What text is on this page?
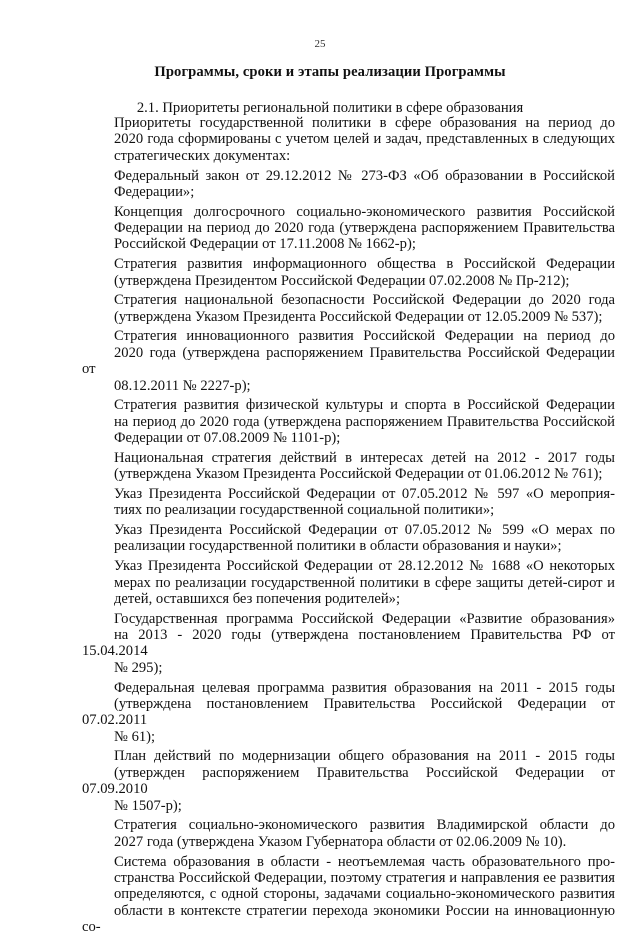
25
Программы, сроки и этапы реализации Программы
2.1. Приоритеты региональной политики в сфере образования

Приоритеты государственной политики в сфере образования на период до
2020 года сформированы с учетом целей и задач, представленных в следующих
стратегических документах:

Федеральный закон от 29.12.2012 № 273-ФЗ «Об образовании в Российской
Федерации»;

Концепция долгосрочного социально-экономического развития Российской
Федерации на период до 2020 года (утверждена распоряжением Правительства
Российской Федерации от 17.11.2008 № 1662-р);

Стратегия развития информационного общества в Российской Федерации
(утверждена Президентом Российской Федерации 07.02.2008 № Пр-212);

Стратегия национальной безопасности Российской Федерации до 2020 года
(утверждена Указом Президента Российской Федерации от 12.05.2009 № 537);

Стратегия инновационного развития Российской Федерации на период до
2020 года (утверждена распоряжением Правительства Российской Федерации от
08.12.2011 № 2227-р);

Стратегия развития физической культуры и спорта в Российской Федерации
на период до 2020 года (утверждена распоряжением Правительства Российской
Федерации от 07.08.2009 № 1101-р);

Национальная стратегия действий в интересах детей на 2012 - 2017 годы
(утверждена Указом Президента Российской Федерации от 01.06.2012 № 761);

Указ Президента Российской Федерации от 07.05.2012 № 597 «О мероприя-
тиях по реализации государственной социальной политики»;

Указ Президента Российской Федерации от 07.05.2012 № 599 «О мерах по
реализации государственной политики в области образования и науки»;

Указ Президента Российской Федерации от 28.12.2012 № 1688 «О некоторых
мерах по реализации государственной политики в сфере защиты детей-сирот и
детей, оставшихся без попечения родителей»;

Государственная программа Российской Федерации «Развитие образования»
на 2013 - 2020 годы (утверждена постановлением Правительства РФ от 15.04.2014
№ 295);

Федеральная целевая программа развития образования на 2011 - 2015 годы
(утверждена постановлением Правительства Российской Федерации от 07.02.2011
№ 61);

План действий по модернизации общего образования на 2011 - 2015 годы
(утвержден распоряжением Правительства Российской Федерации от 07.09.2010
№ 1507-р);

Стратегия социально-экономического развития Владимирской области до
2027 года (утверждена Указом Губернатора области от 02.06.2009 № 10).

Система образования в области - неотъемлемая часть образовательного про-
странства Российской Федерации, поэтому стратегия и направления ее развития
определяются, с одной стороны, задачами социально-экономического развития
области в контексте стратегии перехода экономики России на инновационную со-
